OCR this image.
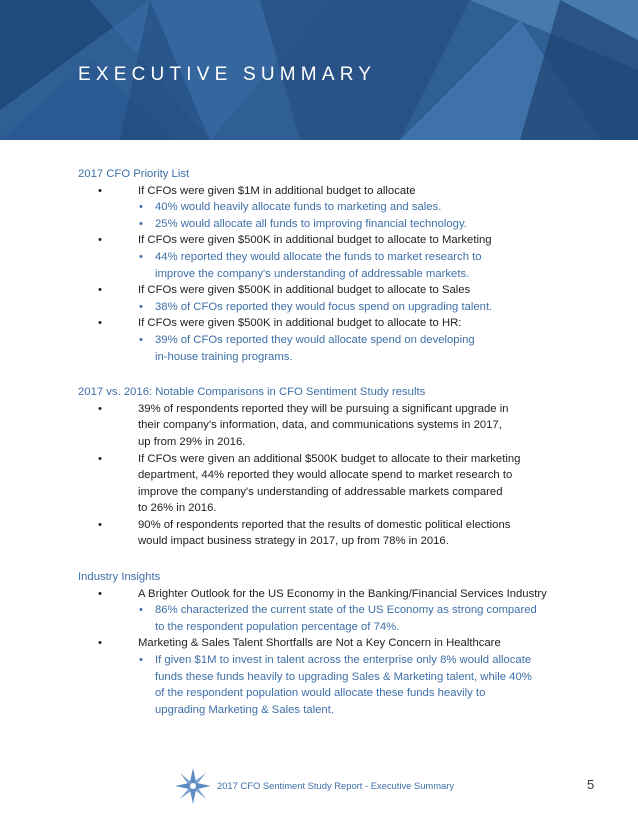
EXECUTIVE SUMMARY
2017 CFO Priority List
• If CFOs were given $1M in additional budget to allocate
• 40% would heavily allocate funds to marketing and sales.
• 25% would allocate all funds to improving financial technology.
• If CFOs were given $500K in additional budget to allocate to Marketing
• 44% reported they would allocate the funds to market research to
improve the company's understanding of addressable markets.
• If CFOs were given $500K in additional budget to allocate to Sales
• 38% of CFOs reported they would focus spend on upgrading talent.
• If CFOs were given $500K in additional budget to allocate to HR:
• 39% of CFOs reported they would allocate spend on developing
in-house training programs.
2017 vs. 2016: Notable Comparisons in CFO Sentiment Study results
• 39% of respondents reported they will be pursuing a significant upgrade in
their company's information, data, and communications systems in 2017,
up from 29% in 2016.
• If CFOs were given an additional $500K budget to allocate to their marketing
department, 44% reported they would allocate spend to market research to
improve the company's understanding of addressable markets compared
to 26% in 2016.
• 90% of respondents reported that the results of domestic political elections
would impact business strategy in 2017, up from 78% in 2016.
Industry Insights
• A Brighter Outlook for the US Economy in the Banking/Financial Services Industry
• 86% characterized the current state of the US Economy as strong compared
to the respondent population percentage of 74%.
• Marketing & Sales Talent Shortfalls are Not a Key Concern in Healthcare
• If given $1M to invest in talent across the enterprise only 8% would allocate
funds these funds heavily to upgrading Sales & Marketing talent, while 40%
of the respondent population would allocate these funds heavily to
upgrading Marketing & Sales talent.
2017 CFO Sentiment Study Report - Executive Summary	5
